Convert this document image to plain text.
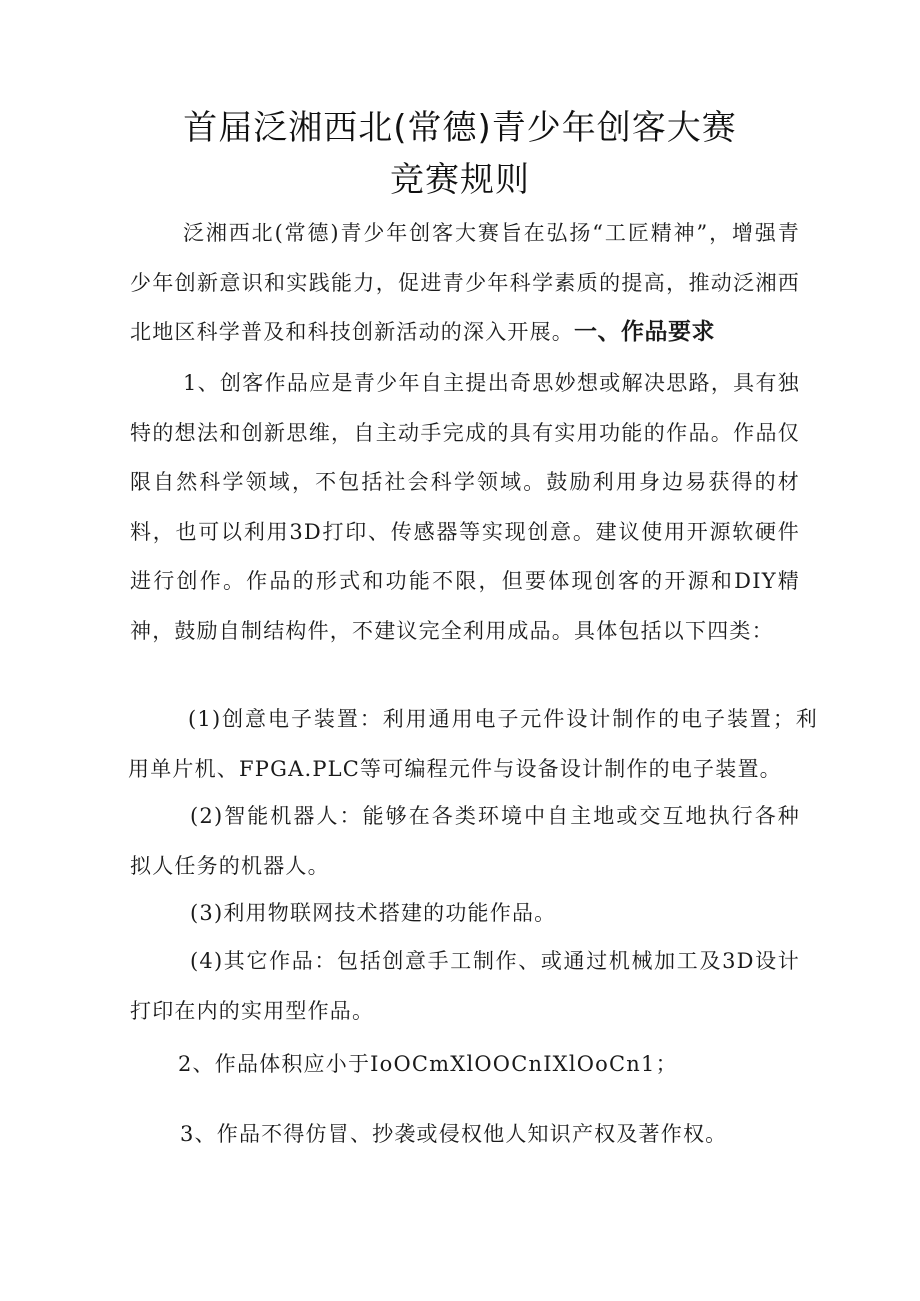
首届泛湘西北(常德)青少年创客大赛
竞赛规则

泛湘西北(常德)青少年创客大赛旨在弘扬“工匠精神”，增强青少年创新意识和实践能力，促进青少年科学素质的提高，推动泛湘西北地区科学普及和科技创新活动的深入开展。一、作品要求

1、创客作品应是青少年自主提出奇思妙想或解决思路，具有独特的想法和创新思维，自主动手完成的具有实用功能的作品。作品仅限自然科学领域，不包括社会科学领域。鼓励利用身边易获得的材料，也可以利用3D打印、传感器等实现创意。建议使用开源软硬件进行创作。作品的形式和功能不限，但要体现创客的开源和DIY精神，鼓励自制结构件，不建议完全利用成品。具体包括以下四类：

(1)创意电子装置：利用通用电子元件设计制作的电子装置；利用单片机、FPGA.PLC等可编程元件与设备设计制作的电子装置。

(2)智能机器人：能够在各类环境中自主地或交互地执行各种拟人任务的机器人。

(3)利用物联网技术搭建的功能作品。

(4)其它作品：包括创意手工制作、或通过机械加工及3D设计打印在内的实用型作品。

2、作品体积应小于IoOCmXlOOCnIXlOoCn1；

3、作品不得仿冒、抄袭或侵权他人知识产权及著作权。
